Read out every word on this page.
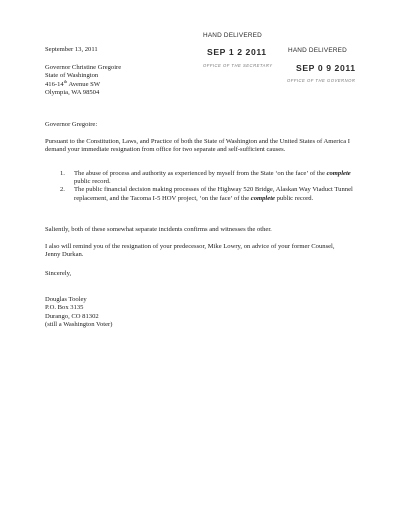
HAND DELIVERED

SEP 1 2 2011

OFFICE OF THE SECRETARY

HAND DELIVERED

SEP 0 9 2011

OFFICE OF THE GOVERNOR

September 13, 2011

Governor Christine Gregoire
State of Washington
416-14th Avenue SW
Olympia, WA 98504

Governor Gregoire:

Pursuant to the Constitution, Laws, and Practice of both the State of Washington and the United States of America I demand your immediate resignation from office for two separate and self-sufficient causes.

1. The abuse of process and authority as experienced by myself from the State ‘on the face’ of the complete public record.
2. The public financial decision making processes of the Highway 520 Bridge, Alaskan Way Viaduct Tunnel replacement, and the Tacoma I-5 HOV project, ‘on the face’ of the complete public record.

Saliently, both of these somewhat separate incidents confirms and witnesses the other.

I also will remind you of the resignation of your predecessor, Mike Lowry, on advice of your former Counsel, Jenny Durkan.

Sincerely,

Douglas Tooley
P.O. Box 3135
Durango, CO 81302
(still a Washington Voter)
